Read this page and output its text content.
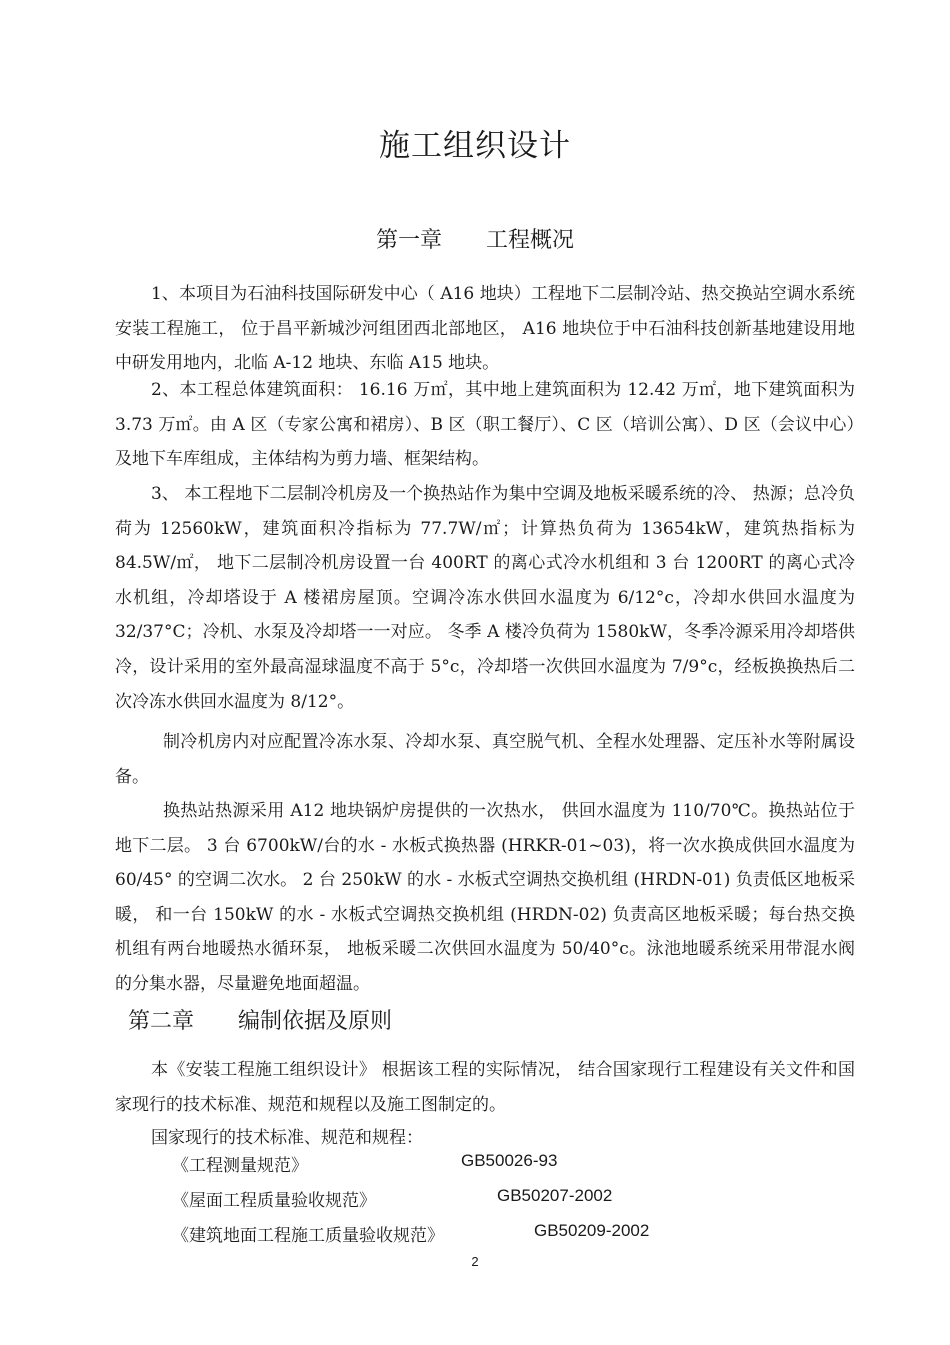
施工组织设计
第一章 工程概况

1、本项目为石油科技国际研发中心（ A16 地块）工程地下二层制冷站、热交换站空调水系统安装工程施工， 位于昌平新城沙河组团西北部地区， A16 地块位于中石油科技创新基地建设用地中研发用地内，北临 A-12 地块、东临 A15 地块。

2、本工程总体建筑面积： 16.16 万㎡，其中地上建筑面积为 12.42 万㎡，地下建筑面积为 3.73 万㎡。由 A 区（专家公寓和裙房）、B 区（职工餐厅）、C 区（培训公寓）、D 区（会议中心）及地下车库组成，主体结构为剪力墙、框架结构。

3、 本工程地下二层制冷机房及一个换热站作为集中空调及地板采暖系统的冷、 热源；总冷负荷为 12560kW，建筑面积冷指标为 77.7W/㎡；计算热负荷为 13654kW，建筑热指标为 84.5W/㎡， 地下二层制冷机房设置一台 400RT 的离心式冷水机组和 3 台 1200RT 的离心式冷水机组，冷却塔设于 A 楼裙房屋顶。空调冷冻水供回水温度为 6/12°c，冷却水供回水温度为 32/37°C；冷机、水泵及冷却塔一一对应。 冬季 A 楼冷负荷为 1580kW，冬季冷源采用冷却塔供冷，设计采用的室外最高湿球温度不高于 5°c，冷却塔一次供回水温度为 7/9°c，经板换换热后二次冷冻水供回水温度为 8/12°。

制冷机房内对应配置冷冻水泵、冷却水泵、真空脱气机、全程水处理器、定压补水等附属设备。

换热站热源采用 A12 地块锅炉房提供的一次热水， 供回水温度为 110/70℃。换热站位于地下二层。 3 台 6700kW/台的水 - 水板式换热器 (HRKR-01~03)，将一次水换成供回水温度为 60/45° 的空调二次水。 2 台 250kW 的水 - 水板式空调热交换机组 (HRDN-01) 负责低区地板采暖， 和一台 150kW 的水 - 水板式空调热交换机组 (HRDN-02) 负责高区地板采暖；每台热交换机组有两台地暖热水循环泵， 地板采暖二次供回水温度为 50/40°c。泳池地暖系统采用带混水阀的分集水器，尽量避免地面超温。

第二章 编制依据及原则

本《安装工程施工组织设计》 根据该工程的实际情况， 结合国家现行工程建设有关文件和国家现行的技术标准、规范和规程以及施工图制定的。

国家现行的技术标准、规范和规程：

《工程测量规范》	GB50026-93
《屋面工程质量验收规范》	GB50207-2002
《建筑地面工程施工质量验收规范》	GB50209-2002
2
